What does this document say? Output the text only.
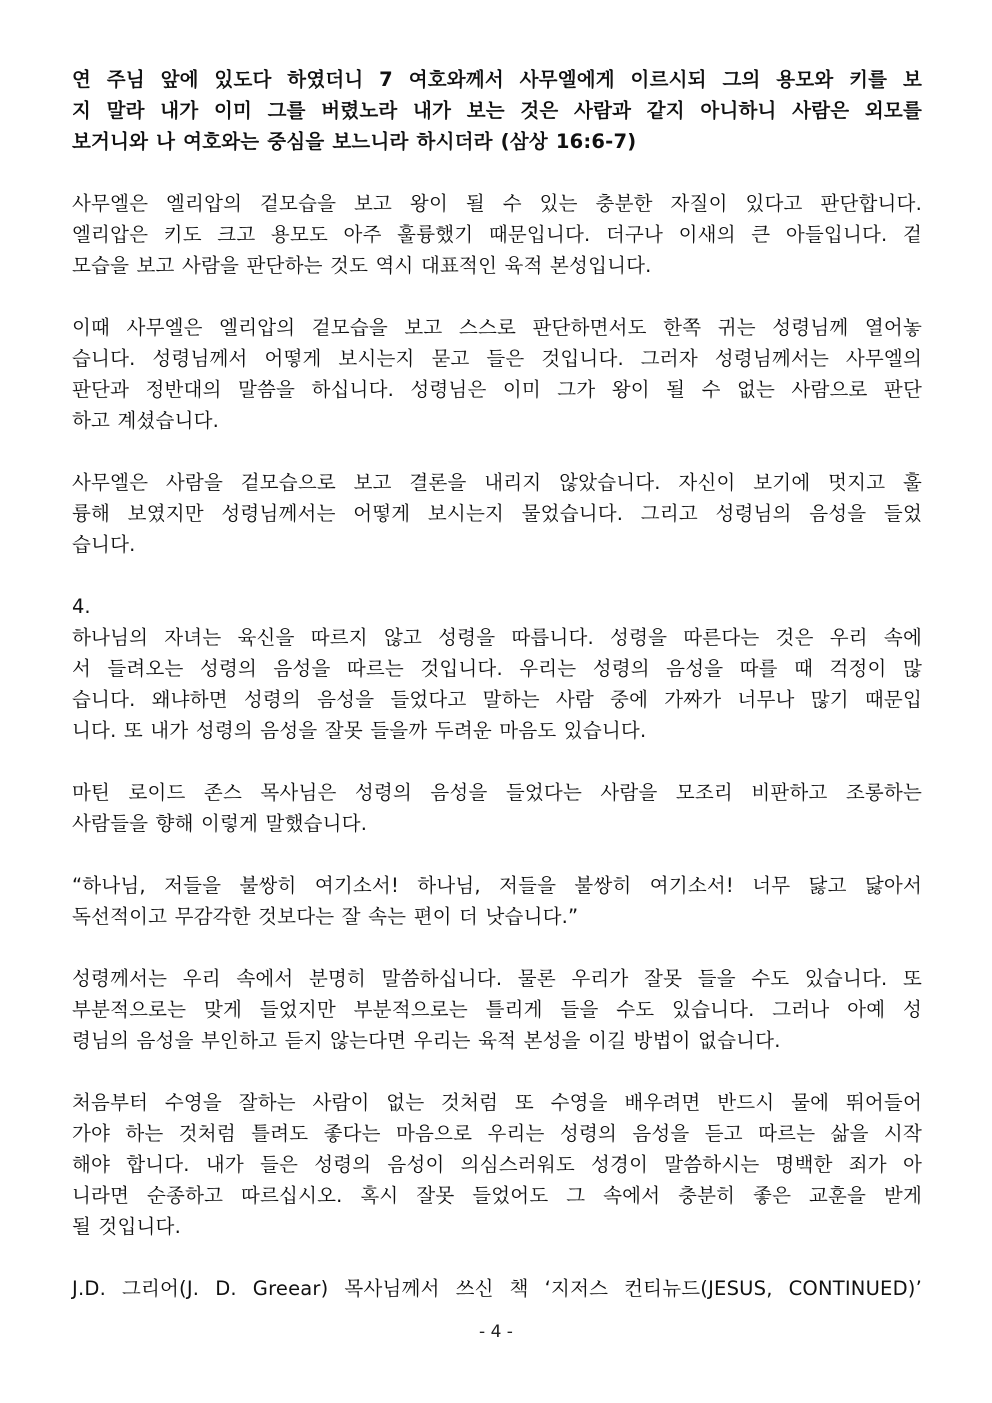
연 주님 앞에 있도다 하였더니 7 여호와께서 사무엘에게 이르시되 그의 용모와 키를 보
지 말라 내가 이미 그를 버렸노라 내가 보는 것은 사람과 같지 아니하니 사람은 외모를
보거니와 나 여호와는 중심을 보느니라 하시더라 (삼상 16:6-7)

사무엘은 엘리압의 겉모습을 보고 왕이 될 수 있는 충분한 자질이 있다고 판단합니다.
엘리압은 키도 크고 용모도 아주 훌륭했기 때문입니다. 더구나 이새의 큰 아들입니다. 겉
모습을 보고 사람을 판단하는 것도 역시 대표적인 육적 본성입니다.

이때 사무엘은 엘리압의 겉모습을 보고 스스로 판단하면서도 한쪽 귀는 성령님께 열어놓
습니다. 성령님께서 어떻게 보시는지 묻고 들은 것입니다. 그러자 성령님께서는 사무엘의
판단과 정반대의 말씀을 하십니다. 성령님은 이미 그가 왕이 될 수 없는 사람으로 판단
하고 계셨습니다.

사무엘은 사람을 겉모습으로 보고 결론을 내리지 않았습니다. 자신이 보기에 멋지고 훌
륭해 보였지만 성령님께서는 어떻게 보시는지 물었습니다. 그리고 성령님의 음성을 들었
습니다.

4.

하나님의 자녀는 육신을 따르지 않고 성령을 따릅니다. 성령을 따른다는 것은 우리 속에
서 들려오는 성령의 음성을 따르는 것입니다. 우리는 성령의 음성을 따를 때 걱정이 많
습니다. 왜냐하면 성령의 음성을 들었다고 말하는 사람 중에 가짜가 너무나 많기 때문입
니다. 또 내가 성령의 음성을 잘못 들을까 두려운 마음도 있습니다.

마틴 로이드 존스 목사님은 성령의 음성을 들었다는 사람을 모조리 비판하고 조롱하는
사람들을 향해 이렇게 말했습니다.

“하나님, 저들을 불쌍히 여기소서! 하나님, 저들을 불쌍히 여기소서! 너무 닳고 닳아서
독선적이고 무감각한 것보다는 잘 속는 편이 더 낫습니다.”

성령께서는 우리 속에서 분명히 말씀하십니다. 물론 우리가 잘못 들을 수도 있습니다. 또
부분적으로는 맞게 들었지만 부분적으로는 틀리게 들을 수도 있습니다. 그러나 아예 성
령님의 음성을 부인하고 듣지 않는다면 우리는 육적 본성을 이길 방법이 없습니다.

처음부터 수영을 잘하는 사람이 없는 것처럼 또 수영을 배우려면 반드시 물에 뛰어들어
가야 하는 것처럼 틀려도 좋다는 마음으로 우리는 성령의 음성을 듣고 따르는 삶을 시작
해야 합니다. 내가 들은 성령의 음성이 의심스러워도 성경이 말씀하시는 명백한 죄가 아
니라면 순종하고 따르십시오. 혹시 잘못 들었어도 그 속에서 충분히 좋은 교훈을 받게
될 것입니다.

J.D. 그리어(J. D. Greear) 목사님께서 쓰신 책 ‘지저스 컨티뉴드(JESUS, CONTINUED)’

- 4 -
